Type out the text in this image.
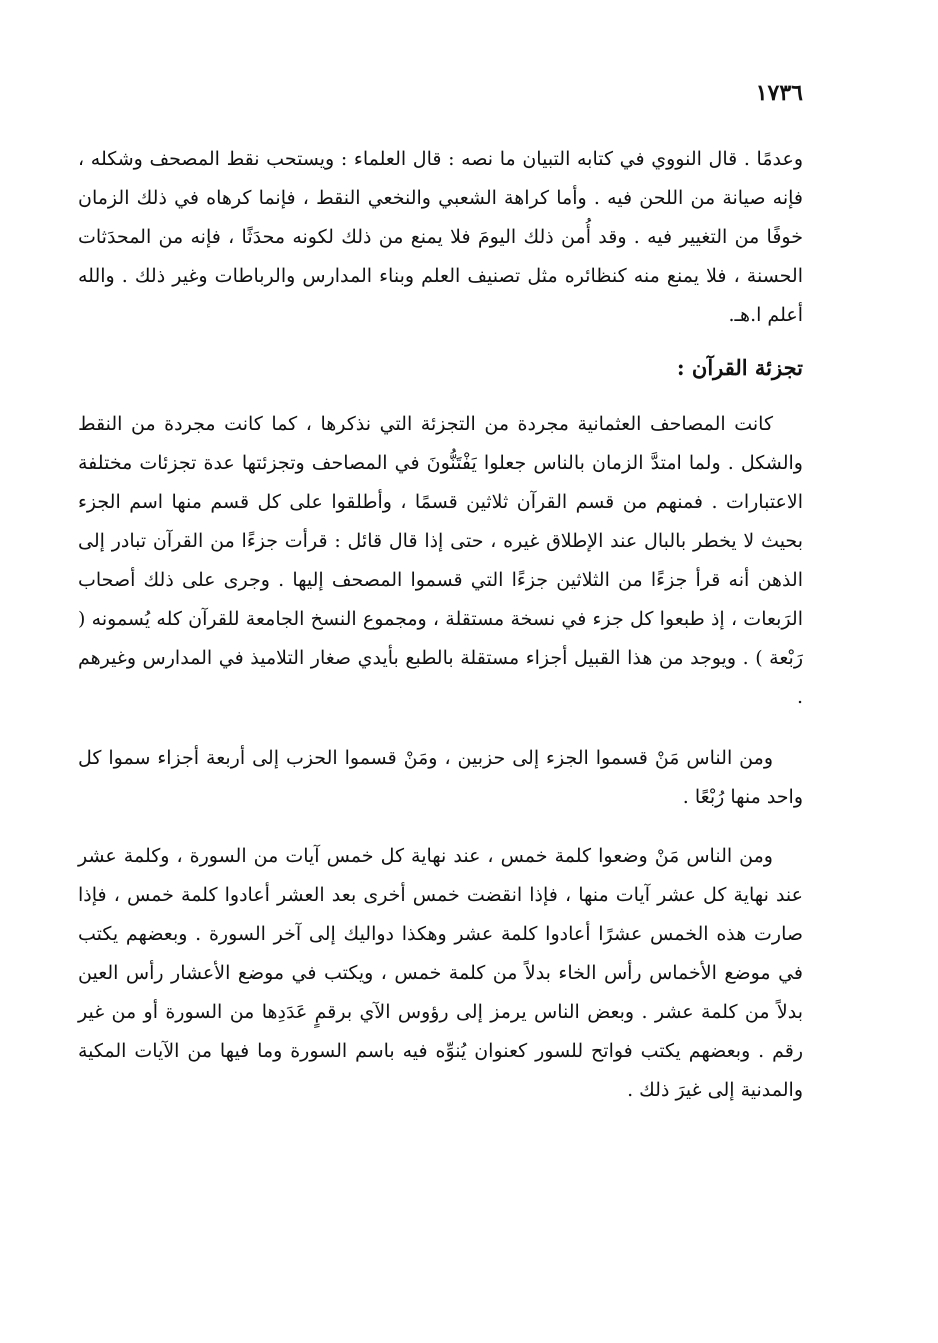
١٧٣٦

وعدمًا . قال النووي في كتابه التبيان ما نصه : قال العلماء : ويستحب نقط المصحف وشكله ، فإنه صيانة من اللحن فيه . وأما كراهة الشعبي والنخعي النقط ، فإنما كرهاه في ذلك الزمان خوفًا من التغيير فيه . وقد أُمن ذلك اليومَ فلا يمنع من ذلك لكونه محدَثًا ، فإنه من المحدَثات الحسنة ، فلا يمنع منه كنظائره مثل تصنيف العلم وبناء المدارس والرباطات وغير ذلك . والله أعلم ا.هـ.

تجزئة القرآن :

كانت المصاحف العثمانية مجردة من التجزئة التي نذكرها ، كما كانت مجردة من النقط والشكل . ولما امتدَّ الزمان بالناس جعلوا يَفْتَنُّونَ في المصاحف وتجزئتها عدة تجزئات مختلفة الاعتبارات . فمنهم من قسم القرآن ثلاثين قسمًا ، وأطلقوا على كل قسم منها اسم الجزء بحيث لا يخطر بالبال عند الإطلاق غيره ، حتى إذا قال قائل : قرأت جزءًا من القرآن تبادر إلى الذهن أنه قرأ جزءًا من الثلاثين جزءًا التي قسموا المصحف إليها . وجرى على ذلك أصحاب الرَبعات ، إذ طبعوا كل جزء في نسخة مستقلة ، ومجموع النسخ الجامعة للقرآن كله يُسمونه ( رَبْعة ) . ويوجد من هذا القبيل أجزاء مستقلة بالطبع بأيدي صغار التلاميذ في المدارس وغيرهم .

ومن الناس مَنْ قسموا الجزء إلى حزبين ، ومَنْ قسموا الحزب إلى أربعة أجزاء سموا كل واحد منها رُبْعًا .

ومن الناس مَنْ وضعوا كلمة خمس ، عند نهاية كل خمس آيات من السورة ، وكلمة عشر عند نهاية كل عشر آيات منها ، فإذا انقضت خمس أخرى بعد العشر أعادوا كلمة خمس ، فإذا صارت هذه الخمس عشرًا أعادوا كلمة عشر وهكذا دواليك إلى آخر السورة . وبعضهم يكتب في موضع الأخماس رأس الخاء بدلاً من كلمة خمس ، ويكتب في موضع الأعشار رأس العين بدلاً من كلمة عشر . وبعض الناس يرمز إلى رؤوس الآي برقمٍ عَدَدِها من السورة أو من غير رقم . وبعضهم يكتب فواتح للسور كعنوان يُنوِّه فيه باسم السورة وما فيها من الآيات المكية والمدنية إلى غيرَ ذلك .
